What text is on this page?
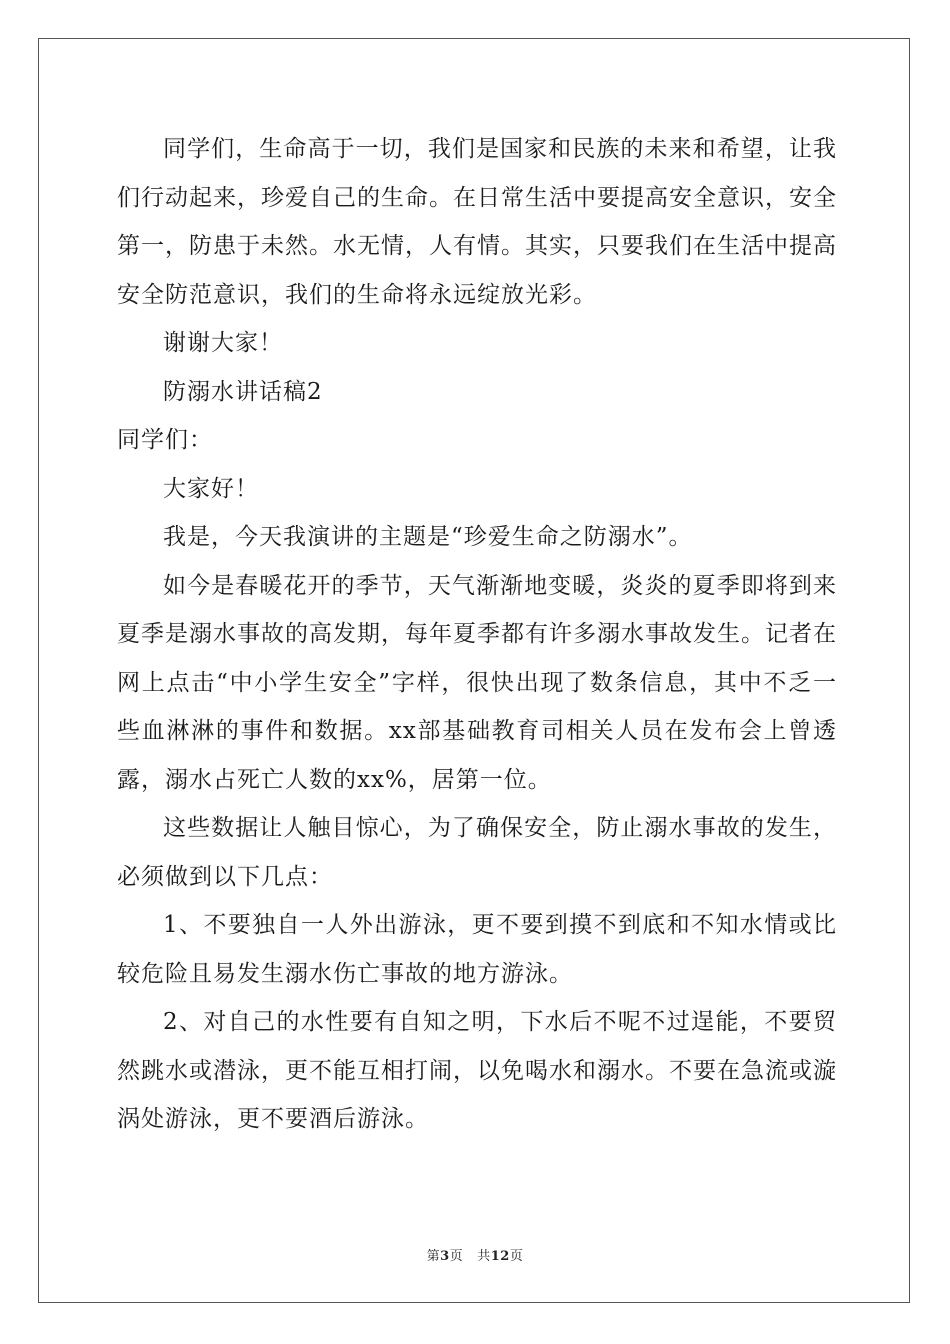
同学们，生命高于一切，我们是国家和民族的未来和希望，让我们行动起来，珍爱自己的生命。在日常生活中要提高安全意识，安全第一，防患于未然。水无情，人有情。其实，只要我们在生活中提高安全防范意识，我们的生命将永远绽放光彩。

谢谢大家！

防溺水讲话稿2

同学们：

大家好！

我是，今天我演讲的主题是“珍爱生命之防溺水”。

如今是春暖花开的季节，天气渐渐地变暖，炎炎的夏季即将到来夏季是溺水事故的高发期，每年夏季都有许多溺水事故发生。记者在网上点击“中小学生安全”字样，很快出现了数条信息，其中不乏一些血淋淋的事件和数据。xx部基础教育司相关人员在发布会上曾透露，溺水占死亡人数的xx%，居第一位。

这些数据让人触目惊心，为了确保安全，防止溺水事故的发生，必须做到以下几点：

1、不要独自一人外出游泳，更不要到摸不到底和不知水情或比较危险且易发生溺水伤亡事故的地方游泳。

2、对自己的水性要有自知之明，下水后不呢不过逞能，不要贸然跳水或潜泳，更不能互相打闹，以免喝水和溺水。不要在急流或漩涡处游泳，更不要酒后游泳。

第3页 共12页
